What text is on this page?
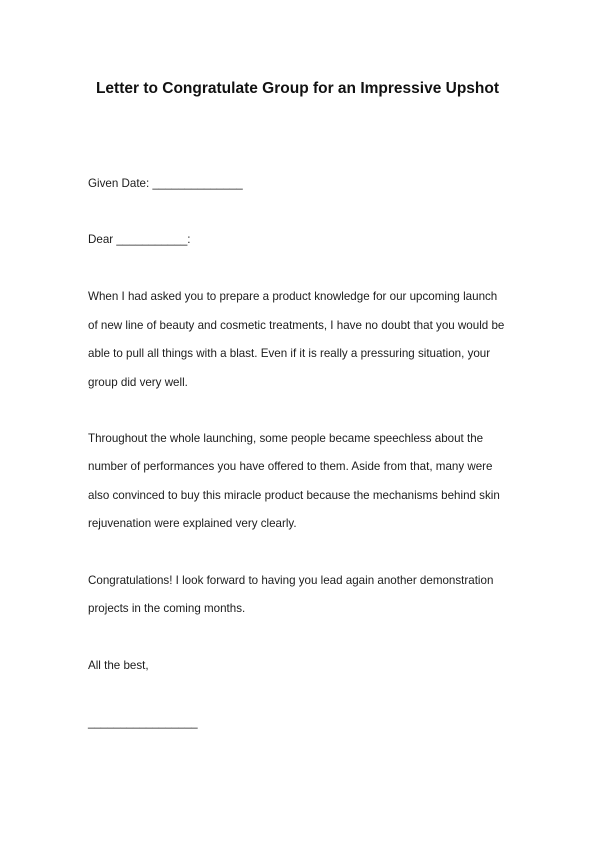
Letter to Congratulate Group for an Impressive Upshot
Given Date: ______________
Dear ___________:
When I had asked you to prepare a product knowledge for our upcoming launch
of new line of beauty and cosmetic treatments, I have no doubt that you would be
able to pull all things with a blast. Even if it is really a pressuring situation, your
group did very well.
Throughout the whole launching, some people became speechless about the
number of performances you have offered to them. Aside from that, many were
also convinced to buy this miracle product because the mechanisms behind skin
rejuvenation were explained very clearly.
Congratulations! I look forward to having you lead again another demonstration
projects in the coming months.
All the best,
_________________
